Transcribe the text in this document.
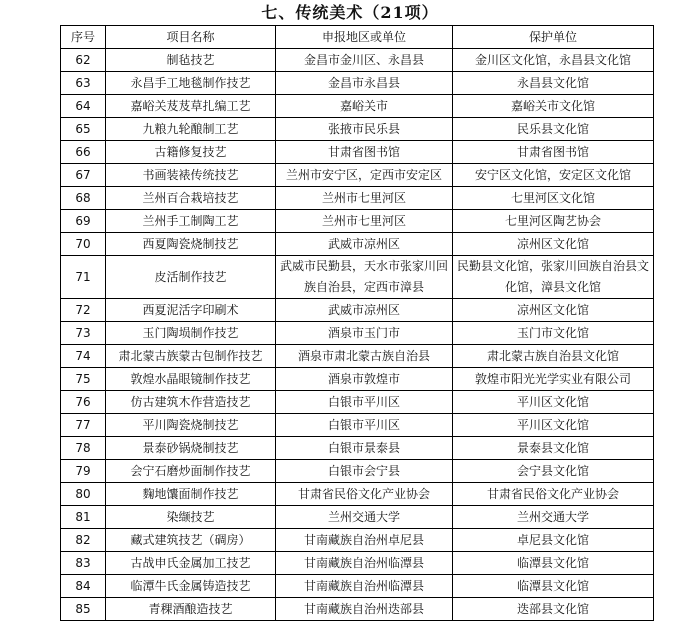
七、传统美术（21项）
序号	项目名称	申报地区或单位	保护单位
62	制毡技艺	金昌市金川区、永昌县	金川区文化馆，永昌县文化馆
63	永昌手工地毯制作技艺	金昌市永昌县	永昌县文化馆
64	嘉峪关芨芨草扎编工艺	嘉峪关市	嘉峪关市文化馆
65	九粮九轮酿制工艺	张掖市民乐县	民乐县文化馆
66	古籍修复技艺	甘肃省图书馆	甘肃省图书馆
67	书画装裱传统技艺	兰州市安宁区，定西市安定区	安宁区文化馆，安定区文化馆
68	兰州百合栽培技艺	兰州市七里河区	七里河区文化馆
69	兰州手工制陶工艺	兰州市七里河区	七里河区陶艺协会
70	西夏陶瓷烧制技艺	武威市凉州区	凉州区文化馆
71	皮活制作技艺	武威市民勤县，天水市张家川回族自治县，定西市漳县	民勤县文化馆，张家川回族自治县文化馆，漳县文化馆
72	西夏泥活字印刷术	武威市凉州区	凉州区文化馆
73	玉门陶埙制作技艺	酒泉市玉门市	玉门市文化馆
74	肃北蒙古族蒙古包制作技艺	酒泉市肃北蒙古族自治县	肃北蒙古族自治县文化馆
75	敦煌水晶眼镜制作技艺	酒泉市敦煌市	敦煌市阳光光学实业有限公司
76	仿古建筑木作营造技艺	白银市平川区	平川区文化馆
77	平川陶瓷烧制技艺	白银市平川区	平川区文化馆
78	景泰砂锅烧制技艺	白银市景泰县	景泰县文化馆
79	会宁石磨炒面制作技艺	白银市会宁县	会宁县文化馆
80	麴地馕面制作技艺	甘肃省民俗文化产业协会	甘肃省民俗文化产业协会
81	染缬技艺	兰州交通大学	兰州交通大学
82	藏式建筑技艺（碉房）	甘南藏族自治州卓尼县	卓尼县文化馆
83	古战申氏金属加工技艺	甘南藏族自治州临潭县	临潭县文化馆
84	临潭牛氏金属铸造技艺	甘南藏族自治州临潭县	临潭县文化馆
85	青稞酒酿造技艺	甘南藏族自治州迭部县	迭部县文化馆
